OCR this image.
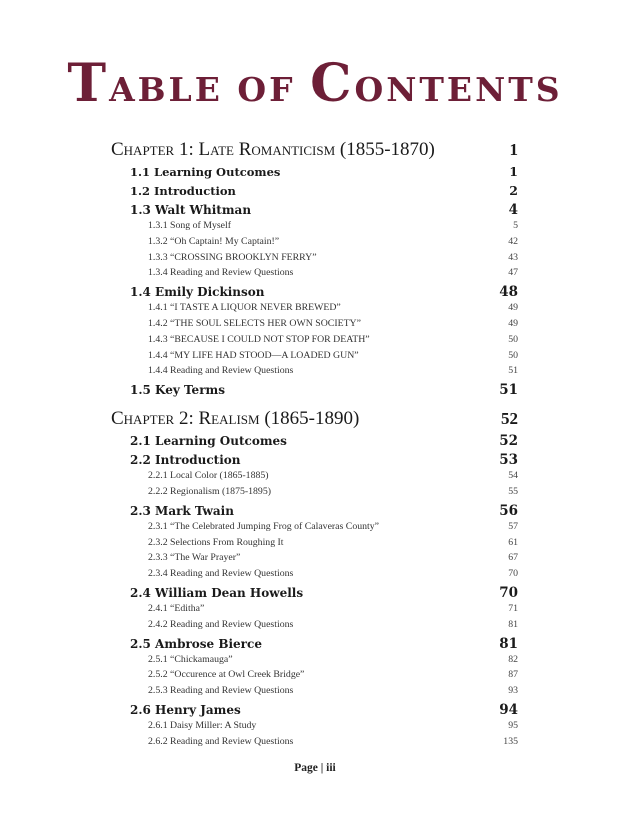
TABLE OF CONTENTS
Chapter 1: Late Romanticism (1855-1870)	1
1.1 Learning Outcomes	1
1.2 Introduction	2
1.3 Walt Whitman	4
1.3.1 Song of Myself	5
1.3.2 “Oh Captain! My Captain!”	42
1.3.3 “CROSSING BROOKLYN FERRY”	43
1.3.4 Reading and Review Questions	47
1.4 Emily Dickinson	48
1.4.1 “I TASTE A LIQUOR NEVER BREWED”	49
1.4.2 “THE SOUL SELECTS HER OWN SOCIETY”	49
1.4.3 “BECAUSE I COULD NOT STOP FOR DEATH”	50
1.4.4 “MY LIFE HAD STOOD—A LOADED GUN”	50
1.4.4 Reading and Review Questions	51
1.5 Key Terms	51
Chapter 2: Realism (1865-1890)	52
2.1 Learning Outcomes	52
2.2 Introduction	53
2.2.1 Local Color (1865-1885)	54
2.2.2 Regionalism (1875-1895)	55
2.3 Mark Twain	56
2.3.1 “The Celebrated Jumping Frog of Calaveras County”	57
2.3.2 Selections From Roughing It	61
2.3.3 “The War Prayer”	67
2.3.4 Reading and Review Questions	70
2.4 William Dean Howells	70
2.4.1 “Editha”	71
2.4.2 Reading and Review Questions	81
2.5 Ambrose Bierce	81
2.5.1 “Chickamauga”	82
2.5.2 “Occurence at Owl Creek Bridge”	87
2.5.3 Reading and Review Questions	93
2.6 Henry James	94
2.6.1 Daisy Miller: A Study	95
2.6.2 Reading and Review Questions	135
Page | iii
